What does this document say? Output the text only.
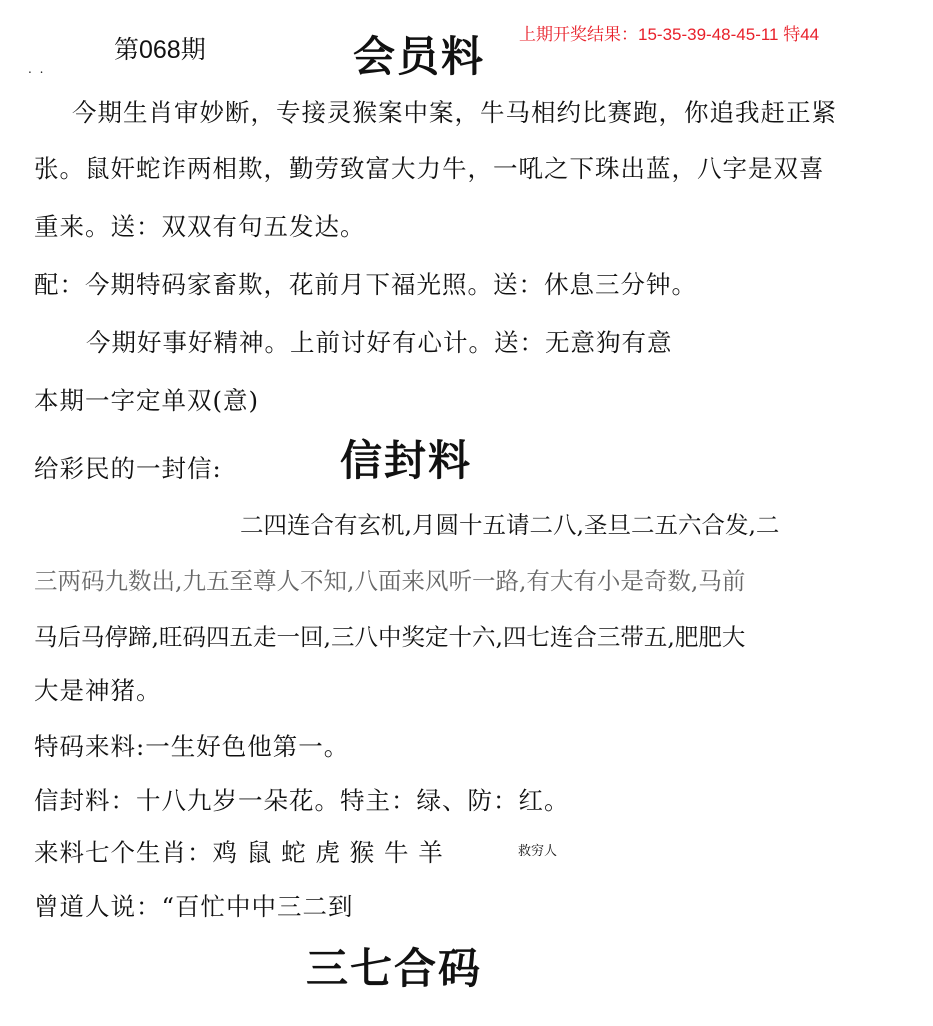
第068期	会员料 上期开奖结果：15-35-39-48-45-11 特44
. .
今期生肖审妙断，专接灵猴案中案，牛马相约比赛跑，你追我赶正紧
张。鼠奸蛇诈两相欺，勤劳致富大力牛，一吼之下珠出蓝，八字是双喜
重来。送：双双有句五发达。
配：今期特码家畜欺，花前月下福光照。送：休息三分钟。
今期好事好精神。上前讨好有心计。送：无意狗有意
本期一字定单双(意)
给彩民的一封信:	信封料
二四连合有玄机,月圆十五请二八,圣旦二五六合发,二
三两码九数出,九五至尊人不知,八面来风听一路,有大有小是奇数,马前
马后马停蹄,旺码四五走一回,三八中奖定十六,四七连合三带五,肥肥大
大是神猪。
特码来料:一生好色他第一。
信封料：十八九岁一朵花。特主：绿、防：红。
来料七个生肖：鸡 鼠 蛇 虎 猴 牛 羊	救穷人
曾道人说：“百忙中中三二到
三七合码
